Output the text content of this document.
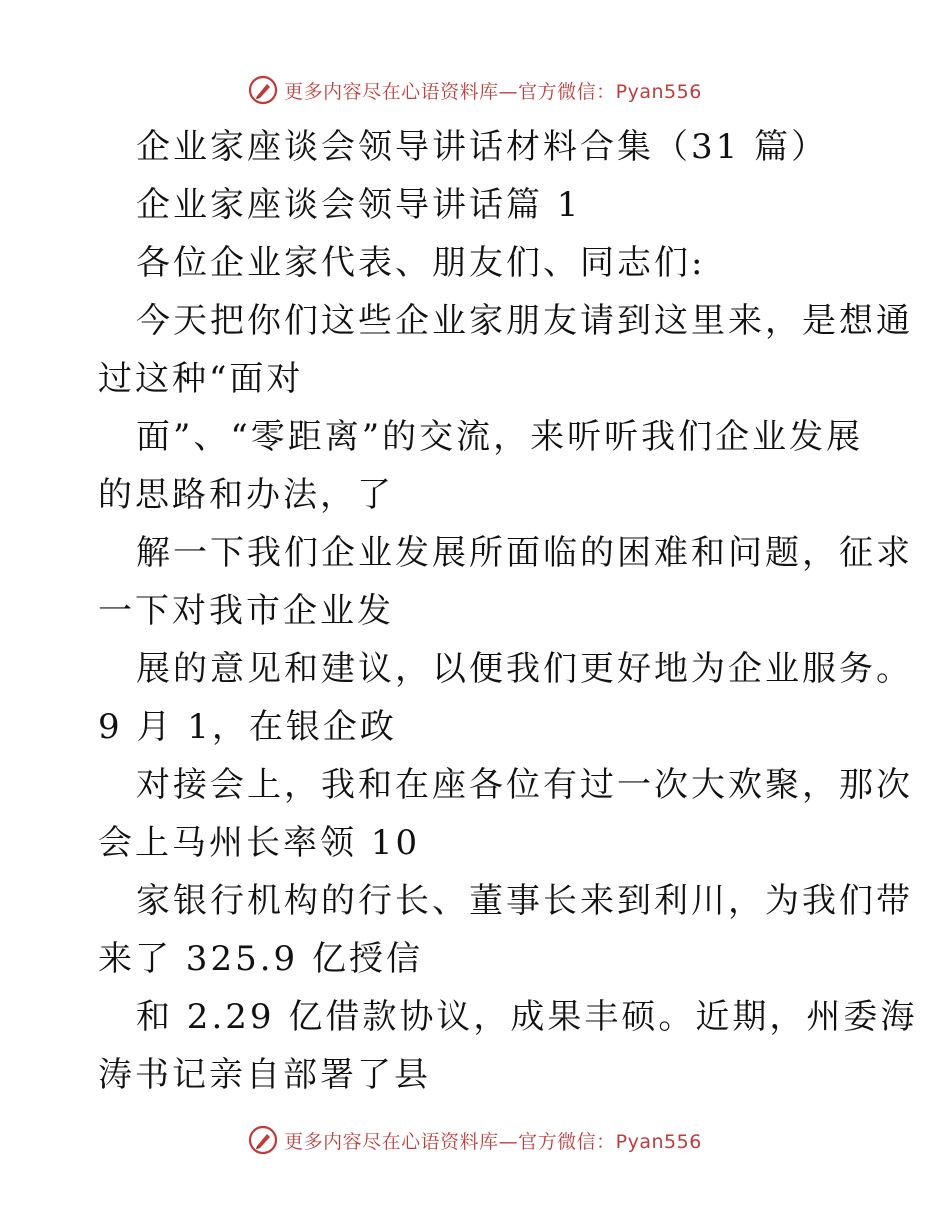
更多内容尽在心语资料库—官方微信：Pyan556
企业家座谈会领导讲话材料合集（31 篇）
企业家座谈会领导讲话篇 1
各位企业家代表、朋友们、同志们:
今天把你们这些企业家朋友请到这里来，是想通
过这种“面对
面”、“零距离”的交流，来听听我们企业发展
的思路和办法，了
解一下我们企业发展所面临的困难和问题，征求
一下对我市企业发
展的意见和建议，以便我们更好地为企业服务。
9 月 1，在银企政
对接会上，我和在座各位有过一次大欢聚，那次
会上马州长率领 10
家银行机构的行长、董事长来到利川，为我们带
来了 325.9 亿授信
和 2.29 亿借款协议，成果丰硕。近期，州委海
涛书记亲自部署了县
更多内容尽在心语资料库—官方微信：Pyan556
